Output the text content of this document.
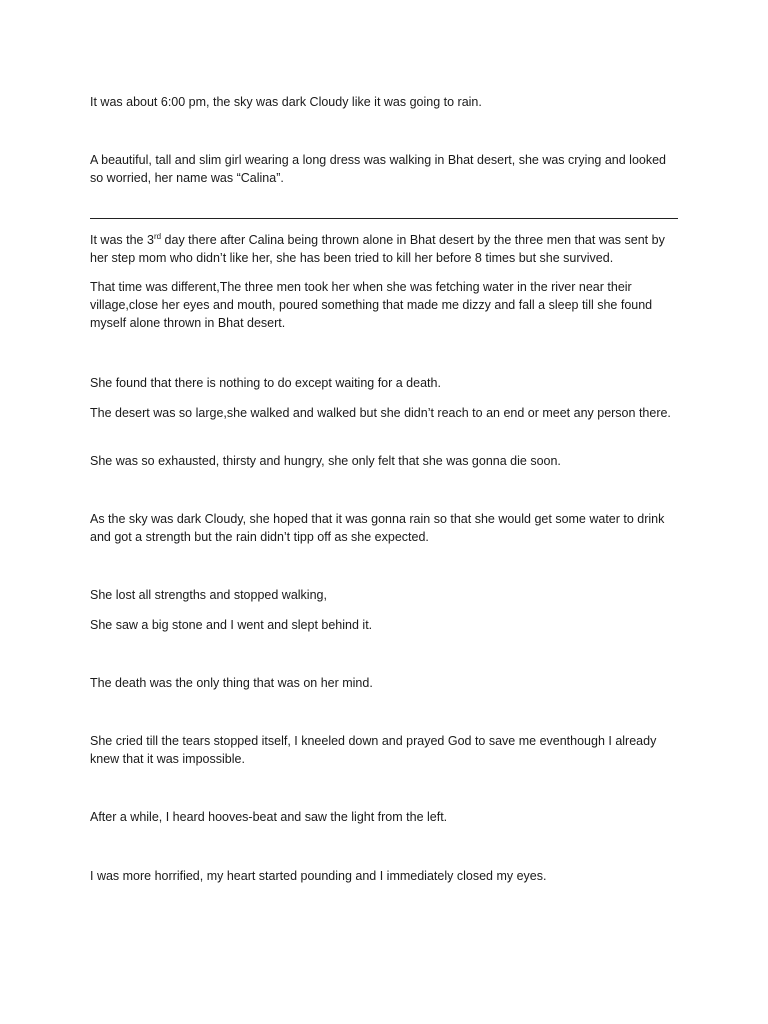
It was about 6:00 pm, the sky was dark Cloudy like it was going to rain.

A beautiful, tall and slim girl wearing a long dress was walking in Bhat desert, she was crying and looked so worried, her name was “Calina”.

It was the 3rd day there after Calina being thrown alone in Bhat desert by the three men that was sent by her step mom who didn’t like her, she has been tried to kill her before 8 times but she survived.

That time was different,The three men took her when she was fetching water in the river near their village,close her eyes and mouth, poured something that made me dizzy and fall a sleep till she found myself alone thrown in Bhat desert.

She found that there is nothing to do except waiting for a death.

The desert was so large,she walked and walked but she didn’t reach to an end or meet any person there.

She was so exhausted, thirsty and hungry, she only felt that she was gonna die soon.

As the sky was dark Cloudy, she hoped that it was gonna rain so that she would get some water to drink and got a strength but the rain didn’t tipp off as she expected.

She lost all strengths and stopped walking,

She saw a big stone and I went and slept behind it.

The death was the only thing that was on her mind.

She cried till the tears stopped itself, I kneeled down and prayed God to save me eventhough I already knew that it was impossible.

After a while, I heard hooves-beat and saw the light from the left.

I was more horrified, my heart started pounding and I immediately closed my eyes.
